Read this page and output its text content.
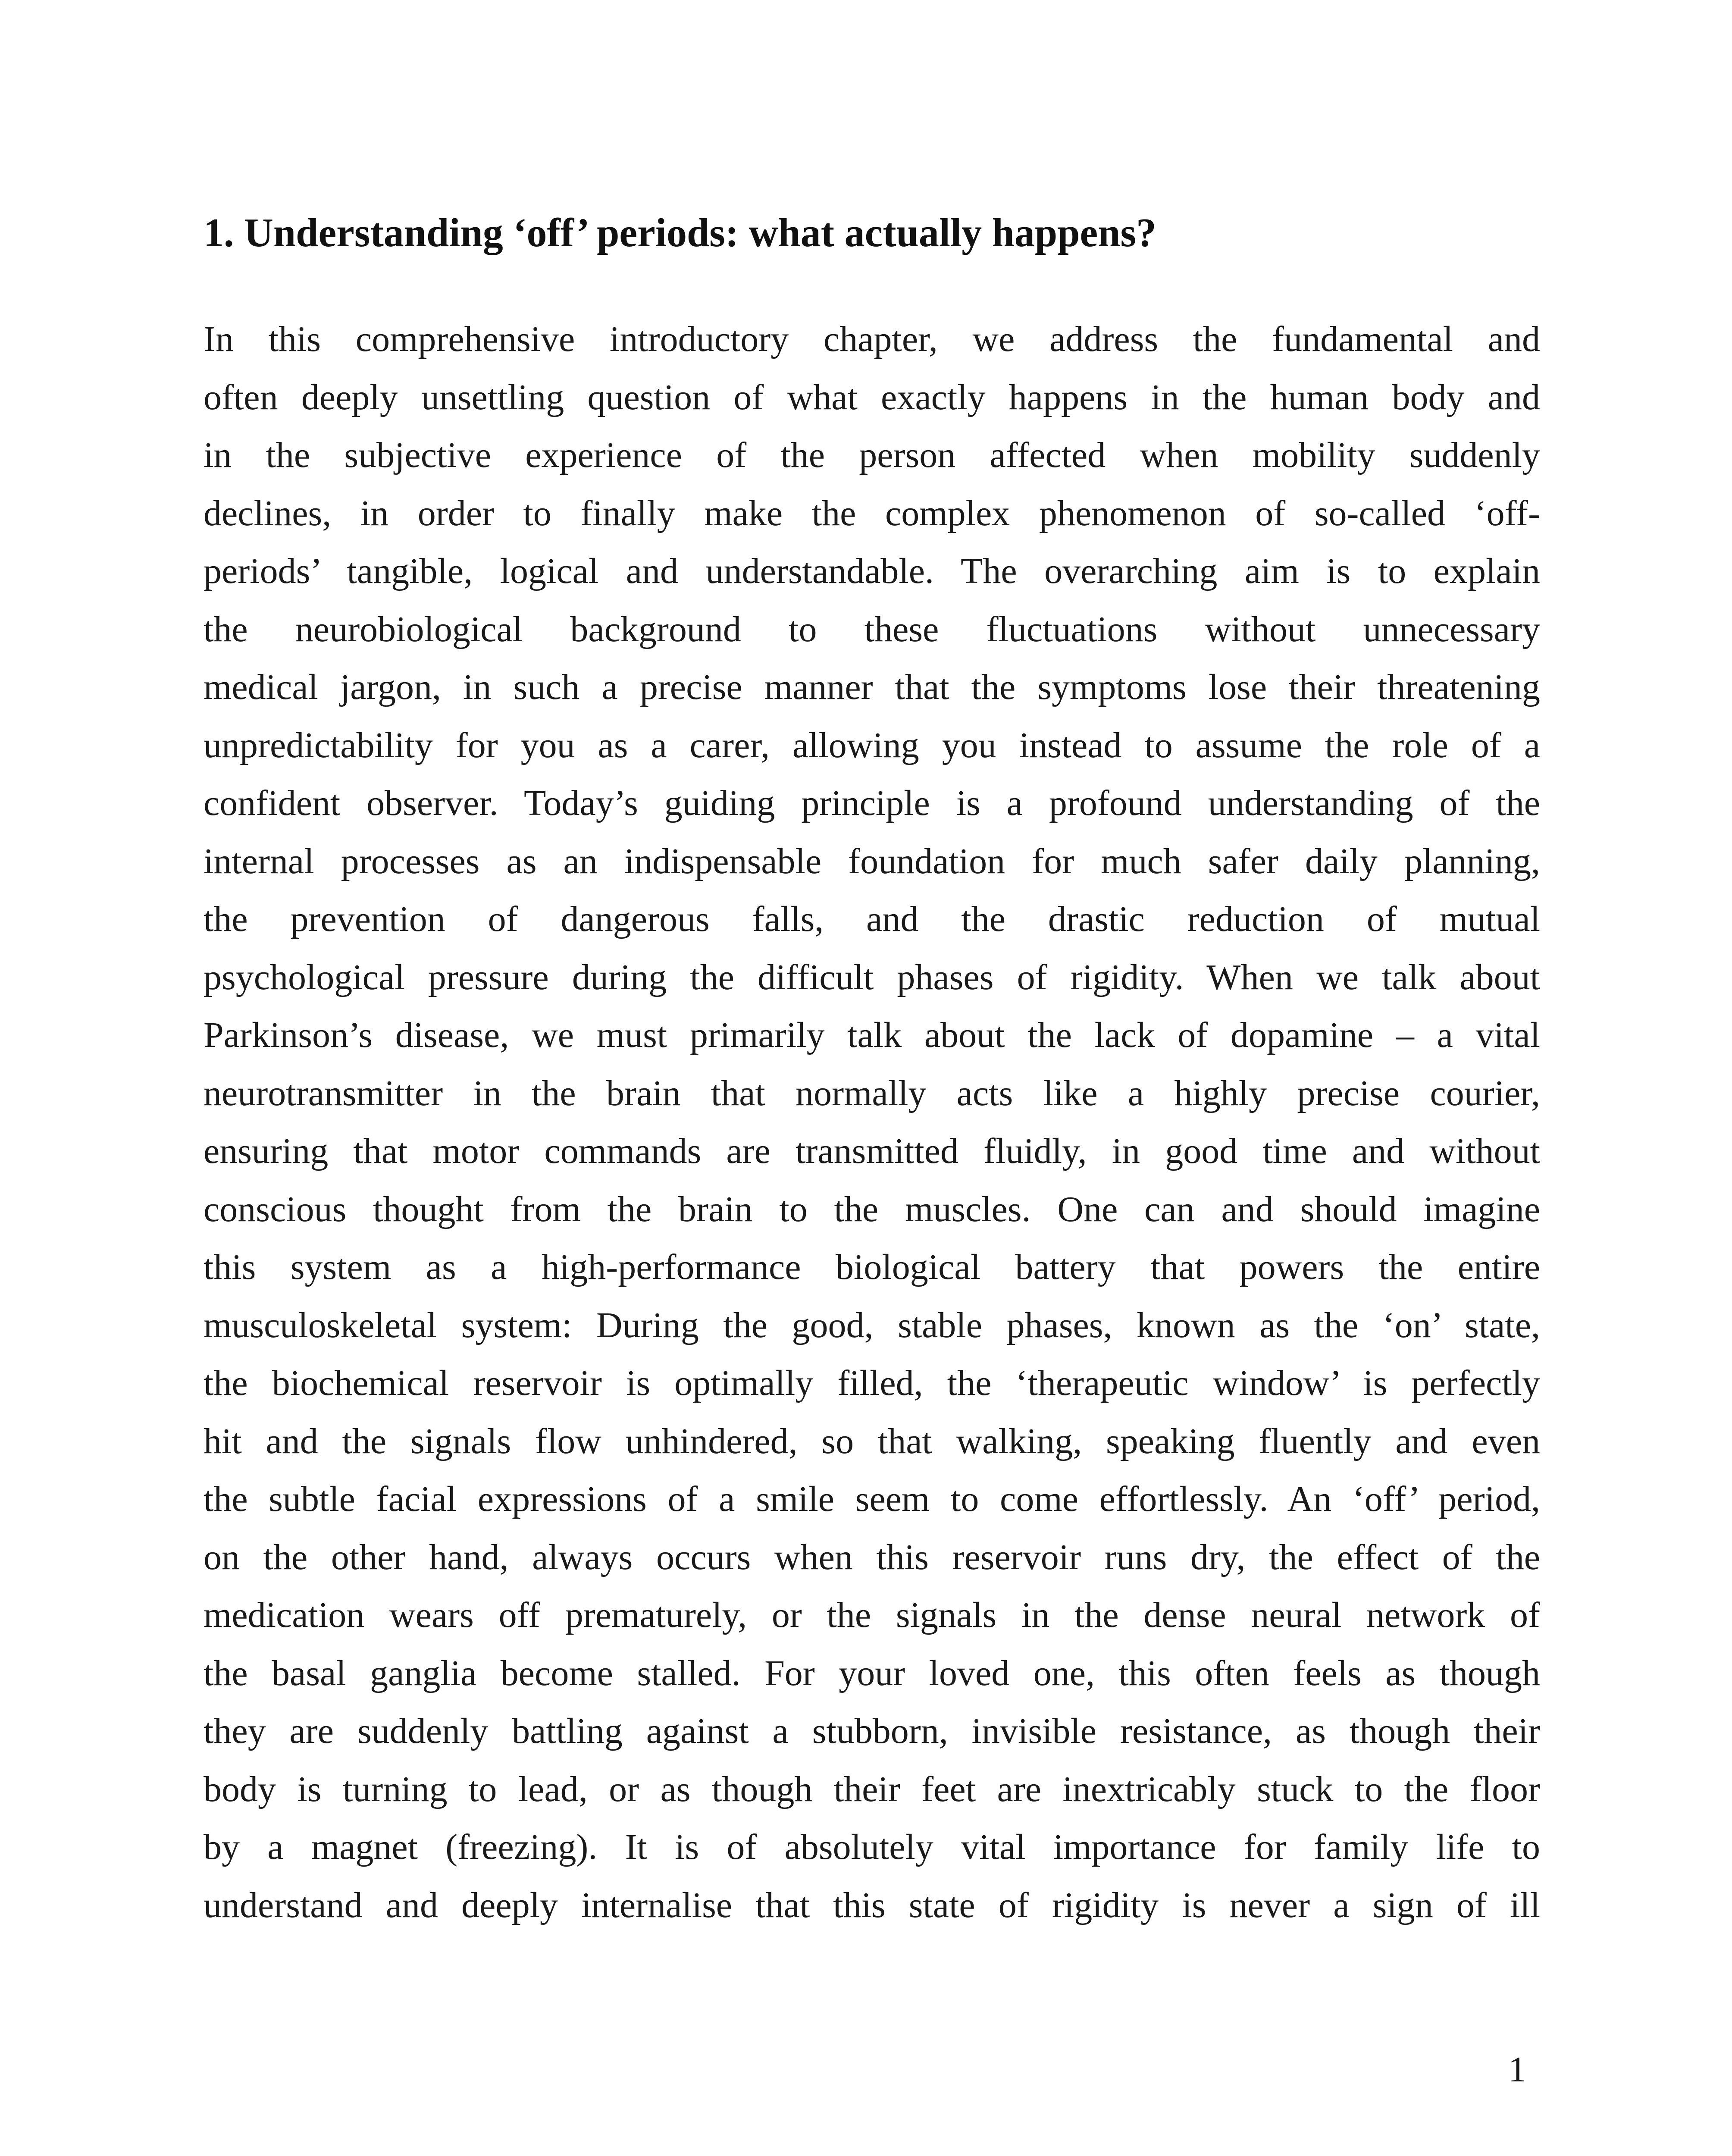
1. Understanding ‘off’ periods: what actually happens?
In this comprehensive introductory chapter, we address the fundamental and
often deeply unsettling question of what exactly happens in the human body and
in the subjective experience of the person affected when mobility suddenly
declines, in order to finally make the complex phenomenon of so-called ‘off-
periods’ tangible, logical and understandable. The overarching aim is to explain
the neurobiological background to these fluctuations without unnecessary
medical jargon, in such a precise manner that the symptoms lose their threatening
unpredictability for you as a carer, allowing you instead to assume the role of a
confident observer. Today’s guiding principle is a profound understanding of the
internal processes as an indispensable foundation for much safer daily planning,
the prevention of dangerous falls, and the drastic reduction of mutual
psychological pressure during the difficult phases of rigidity. When we talk about
Parkinson’s disease, we must primarily talk about the lack of dopamine – a vital
neurotransmitter in the brain that normally acts like a highly precise courier,
ensuring that motor commands are transmitted fluidly, in good time and without
conscious thought from the brain to the muscles. One can and should imagine
this system as a high-performance biological battery that powers the entire
musculoskeletal system: During the good, stable phases, known as the ‘on’ state,
the biochemical reservoir is optimally filled, the ‘therapeutic window’ is perfectly
hit and the signals flow unhindered, so that walking, speaking fluently and even
the subtle facial expressions of a smile seem to come effortlessly. An ‘off’ period,
on the other hand, always occurs when this reservoir runs dry, the effect of the
medication wears off prematurely, or the signals in the dense neural network of
the basal ganglia become stalled. For your loved one, this often feels as though
they are suddenly battling against a stubborn, invisible resistance, as though their
body is turning to lead, or as though their feet are inextricably stuck to the floor
by a magnet (freezing). It is of absolutely vital importance for family life to
understand and deeply internalise that this state of rigidity is never a sign of ill
1
